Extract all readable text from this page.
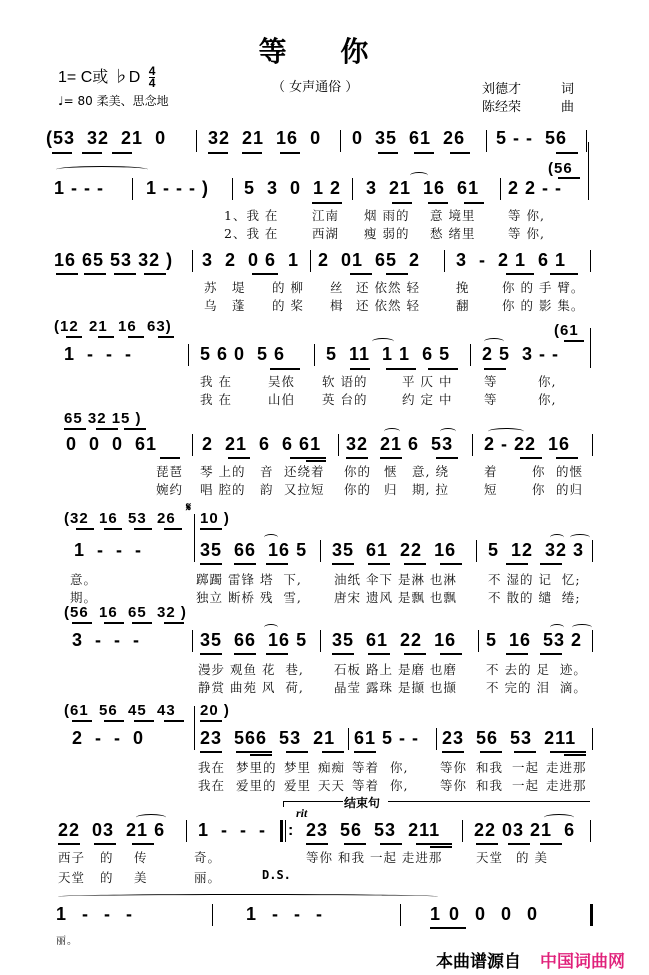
等 你
1= C或 ♭D $\frac{4}{4}$	（ 女声通俗 ）
♩= 80 柔美、思念地
刘德才	词
陈经荣	曲
(53  32  21  0 32  21  16  0 0  35  61  26 5 - -  56
(56
1 - - - 1 - - - ) 5  3  0  1 2 3  21  16  61 2 2 - -
1、我 在	江南 烟 雨的 意 境里	等 你,
2、我 在	西湖 瘦 弱的 愁 绪里	等 你,
16 65 53 32 ) 3  2  0 6  1 2  01  65  2 3  -  2 1  6 1
苏 堤 的 柳 丝 还 依然 轻	挽	你 的 手 臂。
乌 蓬 的 桨 楫 还 依然 轻	翻	你 的 影 集。
(12  21  16  63)	(61
1  -  -  -	5 6 0  5 6 5  11  1 1  6 5 2 5  3 - -
我 在	吴侬 软 语的	平 仄 中	等	你,
我 在	山伯 英 台的	约 定 中	等	你,
65 32 15 )
0  0  0  61 2  21  6  6 61 32  21 6  53 2 - 22  16
琵琶 琴 上的 音 还绕着 你的 惬 意, 绕	着	你 的惬
婉约 唱 腔的 韵 又拉短 你的 归 期, 拉	短	你 的归
(32  16  53  26
𝄋
10 )
1  -  -  -	35  66  16 5 35  61  22  16 5  12  32 3
意。	踯躅 雷锋 塔  下,	油纸 伞下 是淋 也淋 不 湿的 记  忆;
期。	独立 断桥 残  雪,	唐宋 遗风 是飘 也飘 不 散的 缱  绻;
(56  16  65  32 )
3  -  -  -	35  66  16 5 35  61  22  16 5  16  53 2
漫步 观鱼 花  巷, 石板 路上 是磨 也磨 不 去的 足  迹。
静赏 曲苑 风  荷, 晶莹 露珠 是撷 也撷 不 完的 泪  滴。
(61  56  45  43 20 )
2  -  -  0	23  566  53  21 61 5 - - 23  56  53  211
我在 梦里的 梦里 痴痴 等着 你,	等你 和我 一起 走进那
我在 爱里的 爱里 天天 等着 你,	等你 和我 一起 走进那
结束句
rit
22  03  21 6 1  -  -  - : 23  56  53  211 22 03 21  6
西子 的 传	奇。	等你 和我 一起 走进那	天堂 的 美
天堂 的 美	丽。	D.S.
1  -  -  -	1  -  -  -	1 0  0  0  0
丽。
本曲谱源自 中国词曲网
